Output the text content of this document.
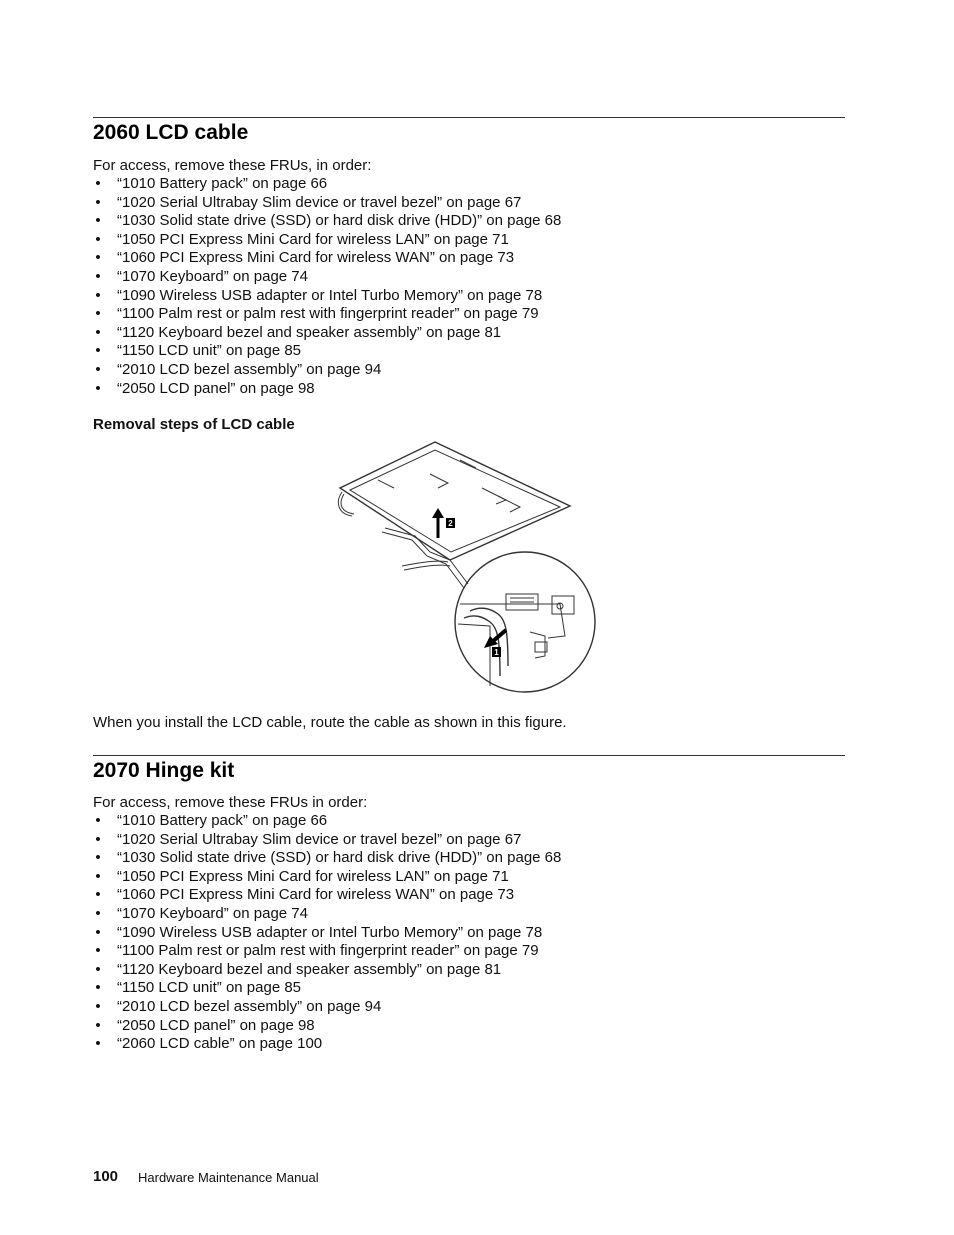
2060 LCD cable

For access, remove these FRUs, in order:

• “1010 Battery pack” on page 66
• “1020 Serial Ultrabay Slim device or travel bezel” on page 67
• “1030 Solid state drive (SSD) or hard disk drive (HDD)” on page 68
• “1050 PCI Express Mini Card for wireless LAN” on page 71
• “1060 PCI Express Mini Card for wireless WAN” on page 73
• “1070 Keyboard” on page 74
• “1090 Wireless USB adapter or Intel Turbo Memory” on page 78
• “1100 Palm rest or palm rest with fingerprint reader” on page 79
• “1120 Keyboard bezel and speaker assembly” on page 81
• “1150 LCD unit” on page 85
• “2010 LCD bezel assembly” on page 94
• “2050 LCD panel” on page 98

Removal steps of LCD cable

2
1

When you install the LCD cable, route the cable as shown in this figure.

2070 Hinge kit

For access, remove these FRUs in order:

• “1010 Battery pack” on page 66
• “1020 Serial Ultrabay Slim device or travel bezel” on page 67
• “1030 Solid state drive (SSD) or hard disk drive (HDD)” on page 68
• “1050 PCI Express Mini Card for wireless LAN” on page 71
• “1060 PCI Express Mini Card for wireless WAN” on page 73
• “1070 Keyboard” on page 74
• “1090 Wireless USB adapter or Intel Turbo Memory” on page 78
• “1100 Palm rest or palm rest with fingerprint reader” on page 79
• “1120 Keyboard bezel and speaker assembly” on page 81
• “1150 LCD unit” on page 85
• “2010 LCD bezel assembly” on page 94
• “2050 LCD panel” on page 98
• “2060 LCD cable” on page 100
100 Hardware Maintenance Manual
